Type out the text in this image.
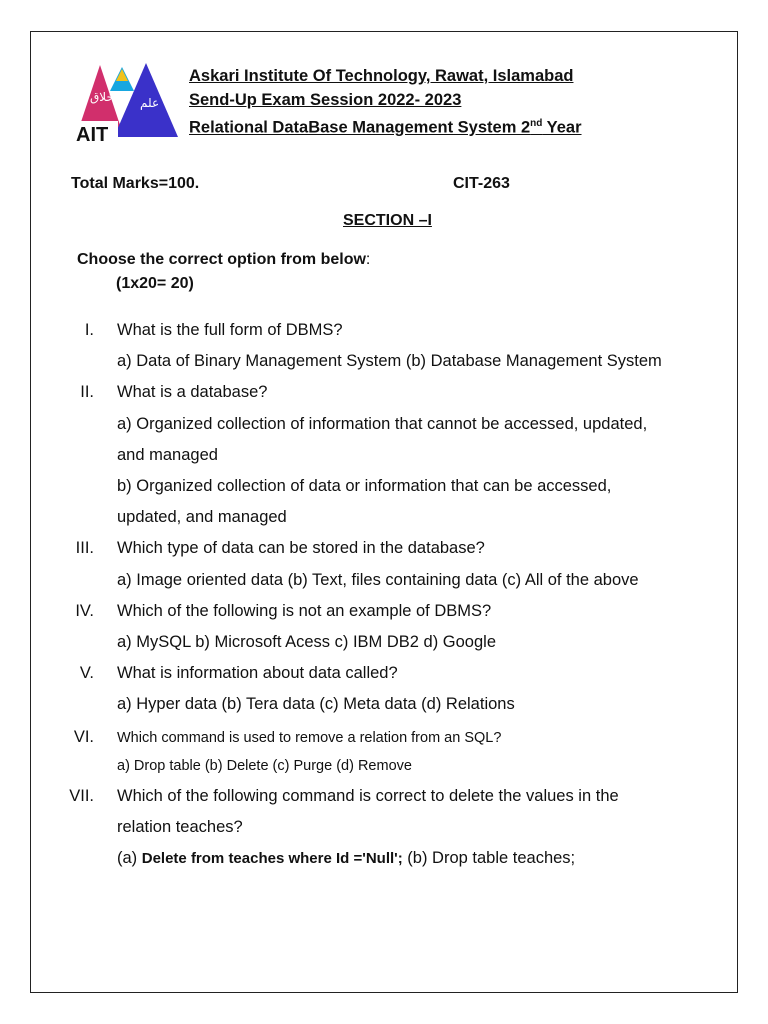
اخلاق علم
AIT
Askari Institute Of Technology, Rawat, Islamabad
Send-Up Exam Session 2022- 2023
Relational DataBase Management System 2nd Year
Total Marks=100.	CIT-263
SECTION –I
Choose the correct option from below:
(1x20= 20)
I. What is the full form of DBMS?
a) Data of Binary Management System (b) Database Management System
II. What is a database?
a) Organized collection of information that cannot be accessed, updated,
and managed
b) Organized collection of data or information that can be accessed,
updated, and managed
III. Which type of data can be stored in the database?
a) Image oriented data (b) Text, files containing data (c) All of the above
IV. Which of the following is not an example of DBMS?
a) MySQL b) Microsoft Acess c) IBM DB2 d) Google
V. What is information about data called?
a) Hyper data (b) Tera data (c) Meta data (d) Relations
VI. Which command is used to remove a relation from an SQL?
a) Drop table (b) Delete (c) Purge (d) Remove
VII. Which of the following command is correct to delete the values in the
relation teaches?
(a) Delete from teaches where Id ='Null'; (b) Drop table teaches;
